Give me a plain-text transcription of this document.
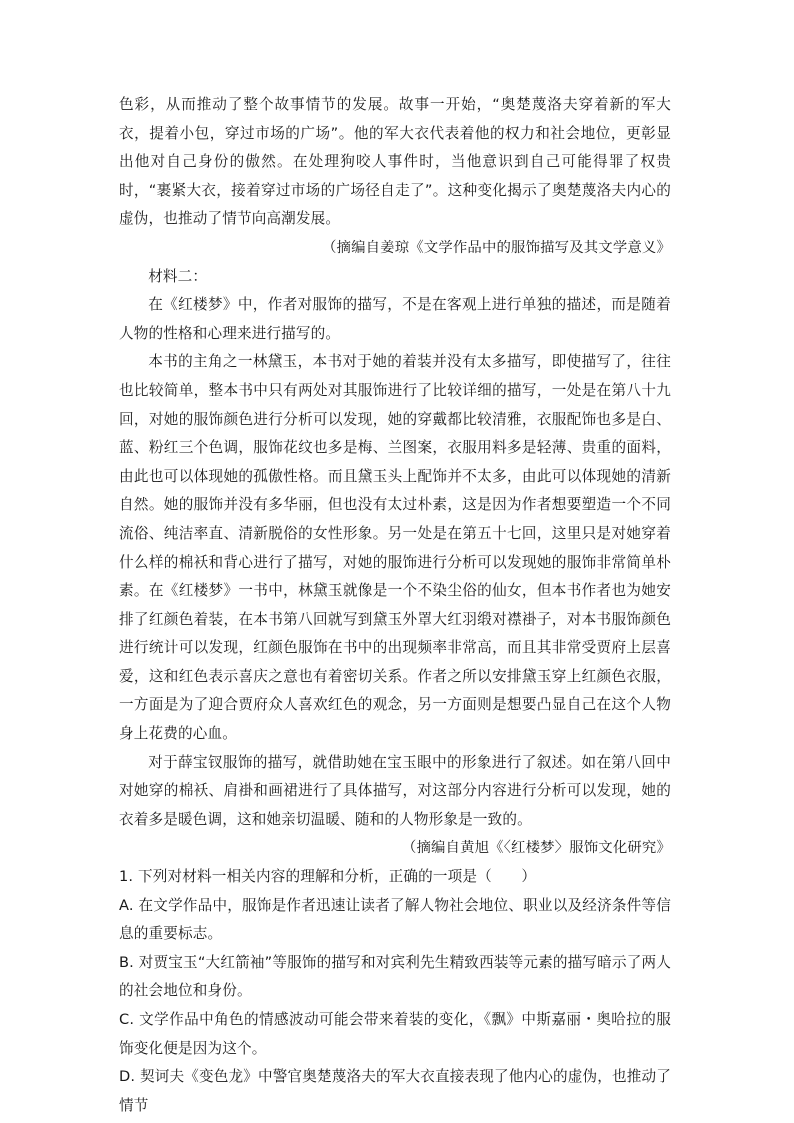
色彩，从而推动了整个故事情节的发展。故事一开始，“奥楚蔑洛夫穿着新的军大衣，提着小包，穿过市场的广场”。他的军大衣代表着他的权力和社会地位，更彰显出他对自己身份的傲然。在处理狗咬人事件时，当他意识到自己可能得罪了权贵时，“裹紧大衣，接着穿过市场的广场径自走了”。这种变化揭示了奥楚蔑洛夫内心的虚伪，也推动了情节向高潮发展。

（摘编自姜琼《文学作品中的服饰描写及其文学意义》

材料二：

在《红楼梦》中，作者对服饰的描写，不是在客观上进行单独的描述，而是随着人物的性格和心理来进行描写的。

本书的主角之一林黛玉，本书对于她的着装并没有太多描写，即使描写了，往往也比较简单，整本书中只有两处对其服饰进行了比较详细的描写，一处是在第八十九回，对她的服饰颜色进行分析可以发现，她的穿戴都比较清雅，衣服配饰也多是白、蓝、粉红三个色调，服饰花纹也多是梅、兰图案，衣服用料多是轻薄、贵重的面料，由此也可以体现她的孤傲性格。而且黛玉头上配饰并不太多，由此可以体现她的清新自然。她的服饰并没有多华丽，但也没有太过朴素，这是因为作者想要塑造一个不同流俗、纯洁率直、清新脱俗的女性形象。另一处是在第五十七回，这里只是对她穿着什么样的棉袄和背心进行了描写，对她的服饰进行分析可以发现她的服饰非常简单朴素。在《红楼梦》一书中，林黛玉就像是一个不染尘俗的仙女，但本书作者也为她安排了红颜色着装，在本书第八回就写到黛玉外罩大红羽缎对襟褂子，对本书服饰颜色进行统计可以发现，红颜色服饰在书中的出现频率非常高，而且其非常受贾府上层喜爱，这和红色表示喜庆之意也有着密切关系。作者之所以安排黛玉穿上红颜色衣服，一方面是为了迎合贾府众人喜欢红色的观念，另一方面则是想要凸显自己在这个人物身上花费的心血。

对于薛宝钗服饰的描写，就借助她在宝玉眼中的形象进行了叙述。如在第八回中对她穿的棉袄、肩褂和画裙进行了具体描写，对这部分内容进行分析可以发现，她的衣着多是暖色调，这和她亲切温暖、随和的人物形象是一致的。

（摘编自黄旭《〈红楼梦〉服饰文化研究》

1. 下列对材料一相关内容的理解和分析，正确的一项是（　　）

A. 在文学作品中，服饰是作者迅速让读者了解人物社会地位、职业以及经济条件等信息的重要标志。

B. 对贾宝玉“大红箭袖”等服饰的描写和对宾利先生精致西装等元素的描写暗示了两人的社会地位和身份。

C. 文学作品中角色的情感波动可能会带来着装的变化，《飘》中斯嘉丽・奥哈拉的服饰变化便是因为这个。

D. 契诃夫《变色龙》中警官奥楚蔑洛夫的军大衣直接表现了他内心的虚伪，也推动了情节
